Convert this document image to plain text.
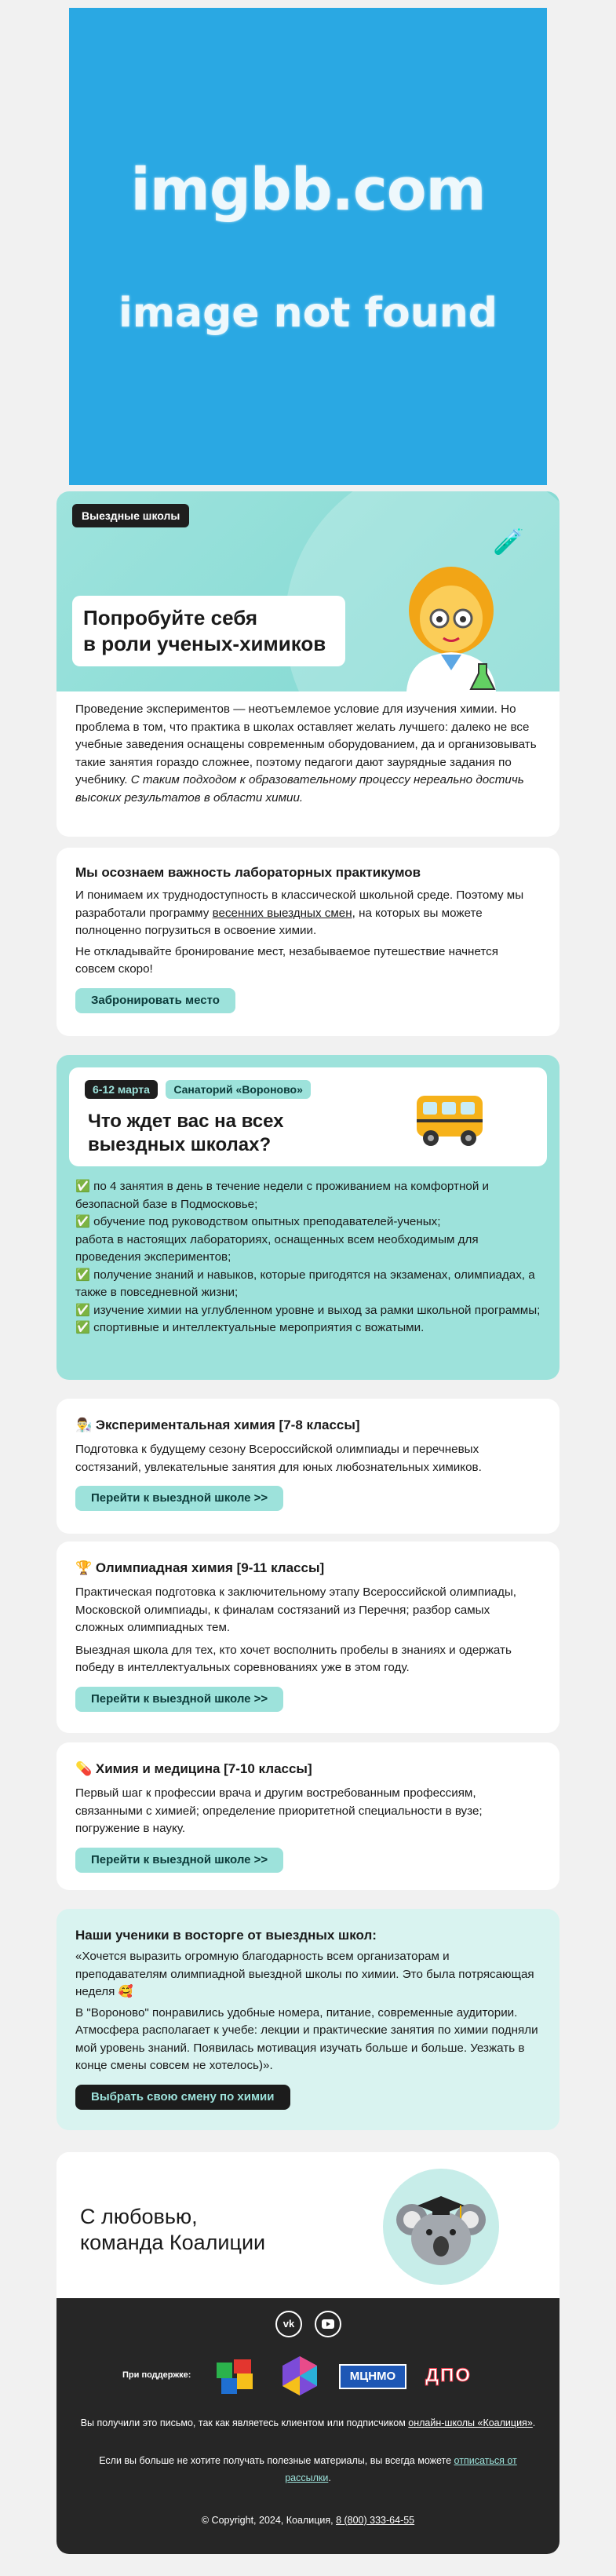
imgbb.com
image not found
Выездные школы
🧪
Попробуйте себя
в роли ученых-химиков
Проведение экспериментов — неотъемлемое условие для изучения химии. Но проблема в том, что практика в школах оставляет желать лучшего: далеко не все учебные заведения оснащены современным оборудованием, да и организовывать такие занятия гораздо сложнее, поэтому педагоги дают заурядные задания по учебнику. С таким подходом к образовательному процессу нереально достичь высоких результатов в области химии.
Мы осознаем важность лабораторных практикумов
И понимаем их труднодоступность в классической школьной среде. Поэтому мы разработали программу весенних выездных смен, на которых вы можете полноценно погрузиться в освоение химии.
Не откладывайте бронирование мест, незабываемое путешествие начнется совсем скоро!
Забронировать место
6-12 марта Санаторий «Вороново»
Что ждет вас на всех
выездных школах?
✅ по 4 занятия в день в течение недели с проживанием на комфортной и безопасной базе в Подмосковье;
✅ обучение под руководством опытных преподавателей-ученых;
работа в настоящих лабораториях, оснащенных всем необходимым для проведения экспериментов;
✅ получение знаний и навыков, которые пригодятся на экзаменах, олимпиадах, а также в повседневной жизни;
✅ изучение химии на углубленном уровне и выход за рамки школьной программы;
✅ спортивные и интеллектуальные мероприятия с вожатыми.
👨‍🔬 Экспериментальная химия [7-8 классы]
Подготовка к будущему сезону Всероссийской олимпиады и перечневых состязаний, увлекательные занятия для юных любознательных химиков.
Перейти к выездной школе >>
🏆 Олимпиадная химия [9-11 классы]
Практическая подготовка к заключительному этапу Всероссийской олимпиады, Московской олимпиады, к финалам состязаний из Перечня; разбор самых сложных олимпиадных тем.
Выездная школа для тех, кто хочет восполнить пробелы в знаниях и одержать победу в интеллектуальных соревнованиях уже в этом году.
Перейти к выездной школе >>
💊 Химия и медицина [7-10 классы]
Первый шаг к профессии врача и другим востребованным профессиям, связанными с химией; определение приоритетной специальности в вузе; погружение в науку.
Перейти к выездной школе >>
Наши ученики в восторге от выездных школ:
«Хочется выразить огромную благодарность всем организаторам и преподавателям олимпиадной выездной школы по химии. Это была потрясающая неделя 🥰
В "Вороново" понравились удобные номера, питание, современные аудитории. Атмосфера располагает к учебе: лекции и практические занятия по химии подняли мой уровень знаний. Появилась мотивация изучать больше и больше. Уезжать в конце смены совсем не хотелось)».
Выбрать свою смену по химии
С любовью,
команда Коалиции
vk
При поддержке:	МЦНМО	ДПО
Вы получили это письмо, так как являетесь клиентом или подписчиком онлайн-школы «Коалиция».
Если вы больше не хотите получать полезные материалы, вы всегда можете отписаться от рассылки.
© Copyright, 2024, Коалиция, 8 (800) 333-64-55
